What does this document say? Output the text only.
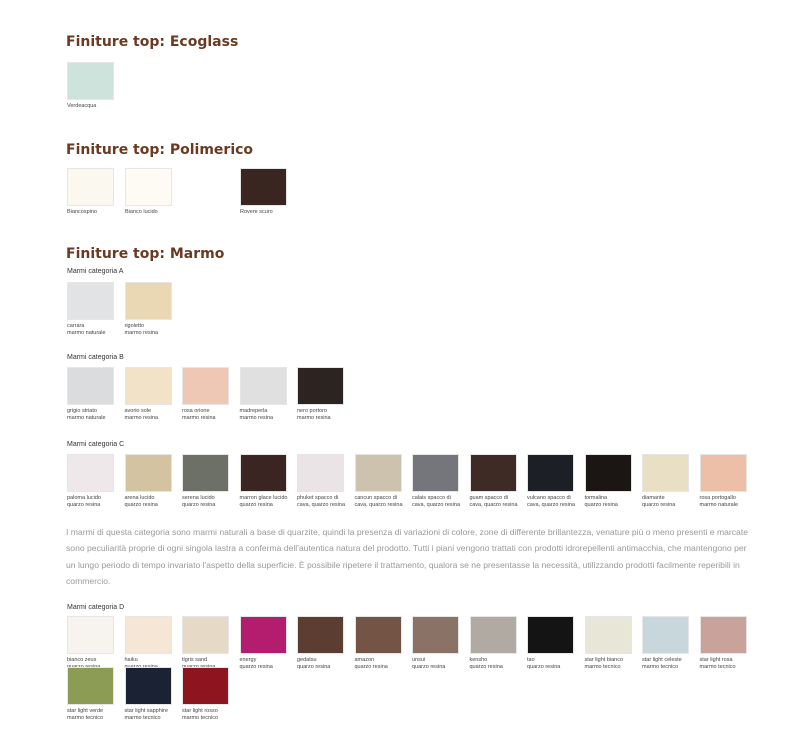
Finiture top: Ecoglass
Verdeacqua
Finiture top: Polimerico
Biancospino	Bianco lucido	Rovere scuro
Finiture top: Marmo
Marmi categoria A
carrara
marmo naturale
rigoletto
marmo resina
Marmi categoria B
grigio striato
marmo naturale
avorio sole
marmo resina
rosa orione
marmo resina
madreperla
marmo resina
nero portoro
marmo resina
Marmi categoria C
paloma lucido
quarzo resina
arena lucido
quarzo resina
serena lucido
quarzo resina
marron glace lucido
quarzo resina
phuket spacco di
cava, quarzo resina
cancun spacco di
cava, quarzo resina
calais spacco di
cava, quarzo resina
guam spacco di
cava, quarzo resina
vulcano spacco di
cava, quarzo resina
tormalina
quarzo resina
diamante
quarzo resina
rosa portogallo
marmo naturale

I marmi di questa categoria sono marmi naturali a base di quarzite, quindi la presenza di variazioni di colore, zone di differente brillantezza, venature più o meno presenti e marcate sono peculiarità proprie di ogni singola lastra a conferma dell'autentica natura del prodotto. Tutti i piani vengono trattati con prodotti idrorepellenti antimacchia, che mantengono per un lungo periodo di tempo invariato l'aspetto della superficie. È possibile ripetere il trattamento, qualora se ne presentasse la necessità, utilizzando prodotti facilmente reperibili in commercio.

Marmi categoria D
bianco zeus	haiku	tigris sand	energy
quarzo resina
gedatsu
quarzo resina
amazon
quarzo resina
unsui
quarzo resina
kensho
quarzo resina
tao
quarzo resina
star light bianco
marmo tecnico
star light celeste
marmo tecnico
star light rosa
marmo tecnico
star light verde
marmo tecnico
star light sapphire
marmo tecnico
star light rosso
marmo tecnico
